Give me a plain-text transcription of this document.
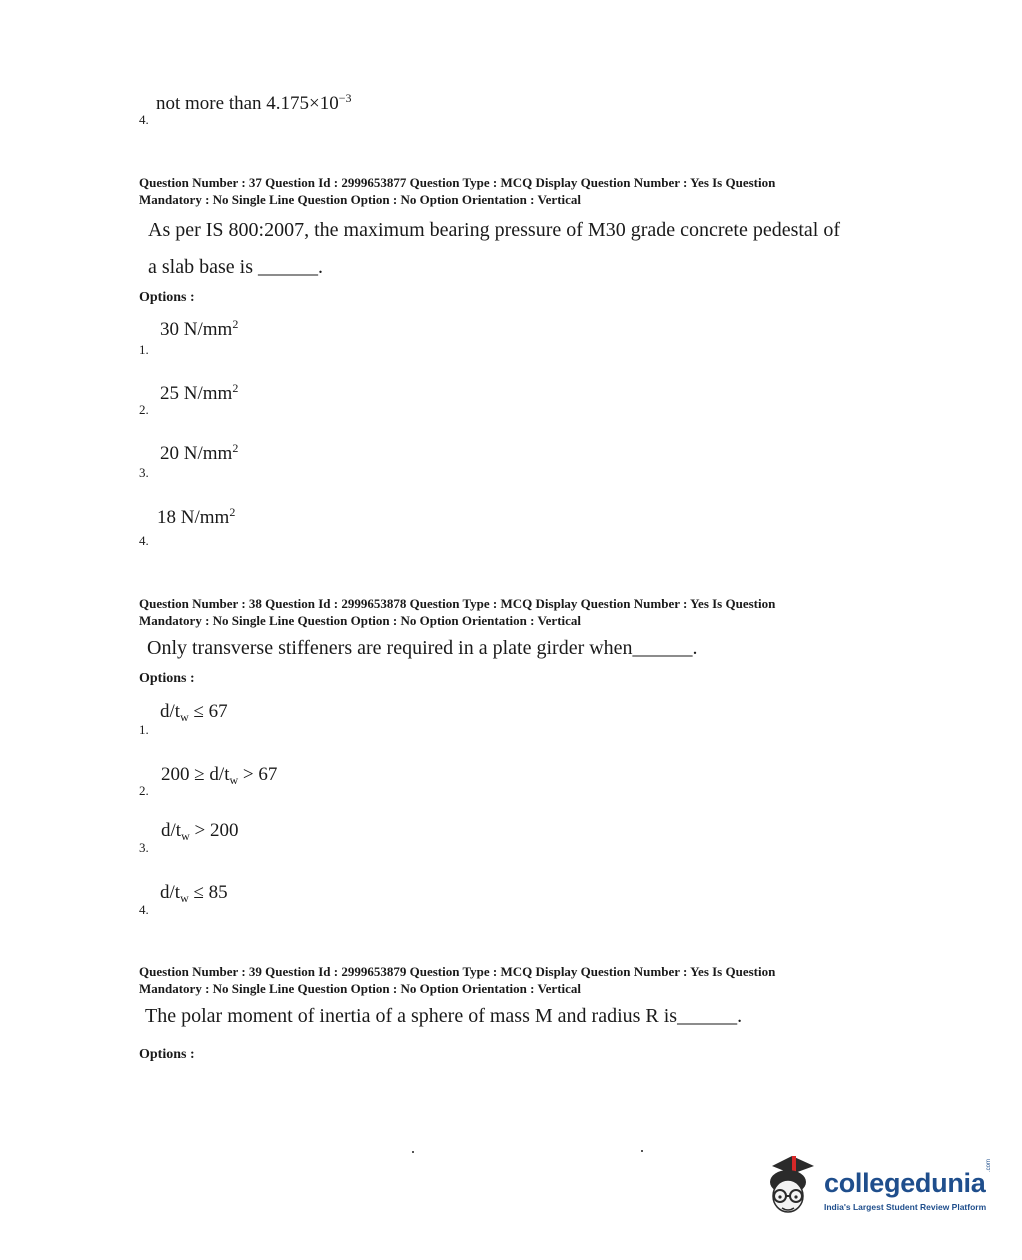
not more than $4.175\times 10^{-3}$
4.
Question Number : 37 Question Id : 2999653877 Question Type : MCQ Display Question Number : Yes Is Question
Mandatory : No Single Line Question Option : No Option Orientation : Vertical
As per IS 800:2007, the maximum bearing pressure of M30 grade concrete pedestal of
a slab base is ______.
Options :
30 $N/mm^2$
1.
25 $N/mm^2$
2.
20 $N/mm^2$
3.
18 $N/mm^2$
4.
Question Number : 38 Question Id : 2999653878 Question Type : MCQ Display Question Number : Yes Is Question
Mandatory : No Single Line Question Option : No Option Orientation : Vertical
Only transverse stiffeners are required in a plate girder when______.
Options :
$d/t_w \le 67$
1.
$200 \ge d/t_w > 67$
2.
$d/t_w > 200$
3.
$d/t_w \le 85$
4.
Question Number : 39 Question Id : 2999653879 Question Type : MCQ Display Question Number : Yes Is Question
Mandatory : No Single Line Question Option : No Option Orientation : Vertical
The polar moment of inertia of a sphere of mass M and radius R is______.
Options :
collegedunia
.com
India's Largest Student Review Platform
